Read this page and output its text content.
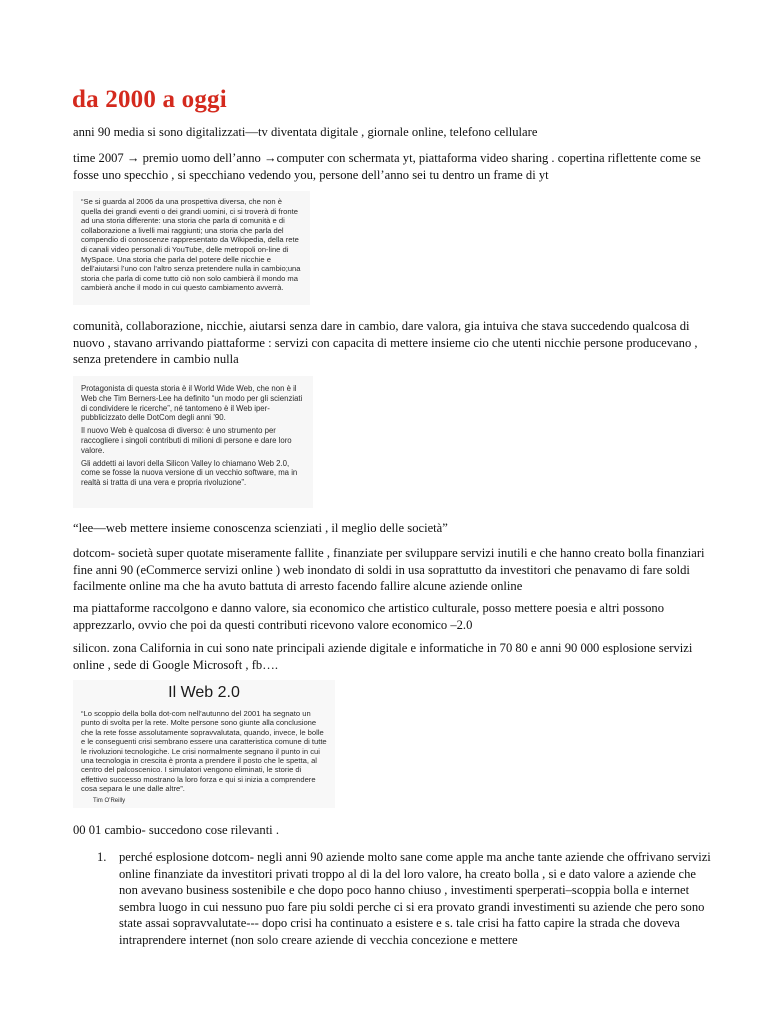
da 2000 a oggi

anni 90 media si sono digitalizzati—tv diventata digitale , giornale online, telefono cellulare

time 2007 → premio uomo dell’anno →computer con schermata yt, piattaforma video sharing . copertina riflettente come se fosse uno specchio , si specchiano vedendo you, persone dell’anno sei tu dentro un frame di yt

“Se si guarda al 2006 da una prospettiva diversa, che non è quella dei grandi eventi o dei grandi uomini, ci si troverà di fronte ad una storia differente: una storia che parla di comunità e di collaborazione a livelli mai raggiunti; una storia che parla del compendio di conoscenze rappresentato da Wikipedia, della rete di canali video personali di YouTube, delle metropoli on-line di MySpace. Una storia che parla del potere delle nicchie e dell’aiutarsi l’uno con l’altro senza pretendere nulla in cambio;una storia che parla di come tutto ciò non solo cambierà il mondo ma cambierà anche il modo in cui questo cambiamento avverrà.

comunità, collaborazione, nicchie, aiutarsi senza dare in cambio, dare valora, gia intuiva che stava succedendo qualcosa di nuovo , stavano arrivando piattaforme : servizi con capacita di mettere insieme cio che utenti nicchie persone producevano , senza pretendere in cambio nulla

Protagonista di questa storia è il World Wide Web, che non è il Web che Tim Berners-Lee ha definito “un modo per gli scienziati di condividere le ricerche”, né tantomeno è il Web iper-pubblicizzato delle DotCom degli anni ’90.

Il nuovo Web è qualcosa di diverso: è uno strumento per raccogliere i singoli contributi di milioni di persone e dare loro valore.

Gli addetti ai lavori della Silicon Valley lo chiamano Web 2.0, come se fosse la nuova versione di un vecchio software, ma in realtà si tratta di una vera e propria rivoluzione”.

“lee—web mettere insieme conoscenza scienziati , il meglio delle società”

dotcom- società super quotate miseramente fallite , finanziate per sviluppare servizi inutili e che hanno creato bolla finanziari fine anni 90 (eCommerce servizi online ) web inondato di soldi in usa soprattutto da investitori che penavamo di fare soldi facilmente online ma che ha avuto battuta di arresto facendo fallire alcune aziende online

ma piattaforme raccolgono e danno valore, sia economico che artistico culturale, posso mettere poesia e altri possono apprezzarlo, ovvio che poi da questi contributi ricevono valore economico –2.0

silicon. zona California in cui sono nate principali aziende digitale e informatiche in 70 80 e anni 90 000 esplosione servizi online , sede di Google Microsoft , fb….

Il Web 2.0

“Lo scoppio della bolla dot-com nell’autunno del 2001 ha segnato un punto di svolta per la rete. Molte persone sono giunte alla conclusione che la rete fosse assolutamente sopravvalutata, quando, invece, le bolle e le conseguenti crisi sembrano essere una caratteristica comune di tutte le rivoluzioni tecnologiche. Le crisi normalmente segnano il punto in cui una tecnologia in crescita è pronta a prendere il posto che le spetta, al centro del palcoscenico. I simulatori vengono eliminati, le storie di effettivo successo mostrano la loro forza e qui si inizia a comprendere cosa separa le une dalle altre”.

Tim O’Reilly

00 01 cambio- succedono cose rilevanti .

1. perché esplosione dotcom- negli anni 90 aziende molto sane come apple ma anche tante aziende che offrivano servizi online finanziate da investitori privati troppo al di la del loro valore, ha creato bolla , si e dato valore a aziende che non avevano business sostenibile e che dopo poco hanno chiuso , investimenti sperperati–scoppia bolla e internet sembra luogo in cui nessuno puo fare piu soldi perche ci si era provato grandi investimenti su aziende che pero sono state assai sopravvalutate--- dopo crisi ha continuato a esistere e s. tale crisi ha fatto capire la strada che doveva intraprendere internet (non solo creare aziende di vecchia concezione e mettere
